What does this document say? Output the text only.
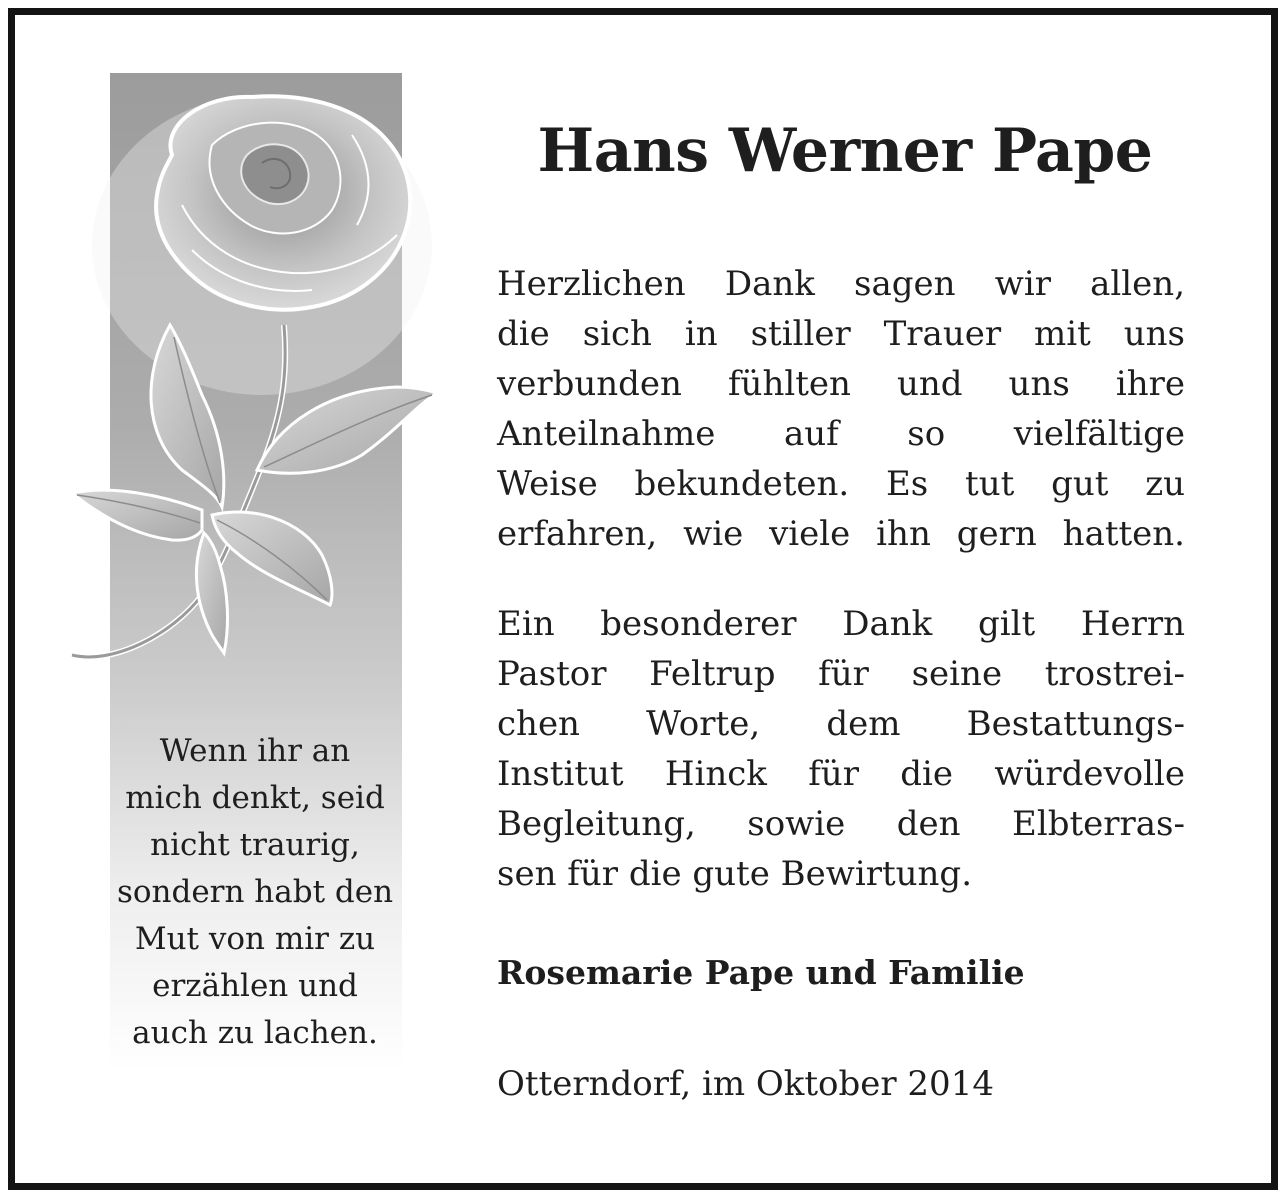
Wenn ihr an
mich denkt, seid
nicht traurig,
sondern habt den
Mut von mir zu
erzählen und
auch zu lachen.
Hans Werner Pape
Herzlichen Dank sagen wir allen,
die sich in stiller Trauer mit uns
verbunden fühlten und uns ihre
Anteilnahme auf so vielfältige
Weise bekundeten. Es tut gut zu
erfahren, wie viele ihn gern hatten.
Ein besonderer Dank gilt Herrn
Pastor Feltrup für seine trostrei-
chen Worte, dem Bestattungs-
Institut Hinck für die würdevolle
Begleitung, sowie den Elbterras-
sen für die gute Bewirtung.
Rosemarie Pape und Familie
Otterndorf, im Oktober 2014
